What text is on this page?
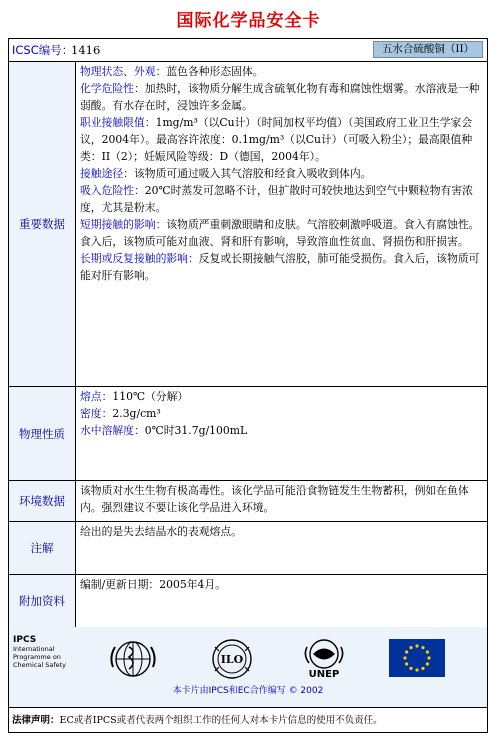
国际化学品安全卡
ICSC编号：
1416	五水合硫酸铜（II）
重要数据

物理状态、外观：蓝色各种形态固体。

化学危险性：加热时，该物质分解生成含硫氧化物有毒和腐蚀性烟雾。水溶液是一种弱酸。有水存在时，浸蚀许多金属。

职业接触限值：1mg/m³（以Cu计）（时间加权平均值）（美国政府工业卫生学家会议，2004年）。最高容许浓度：0.1mg/m³（以Cu计）（可吸入粉尘）；最高限值种类：II（2）；妊娠风险等级：D（德国，2004年）。

接触途径：该物质可通过吸入其气溶胶和经食入吸收到体内。

吸入危险性：20℃时蒸发可忽略不计，但扩散时可较快地达到空气中颗粒物有害浓度，尤其是粉末。

短期接触的影响：该物质严重刺激眼睛和皮肤。气溶胶刺激呼吸道。食入有腐蚀性。食入后，该物质可能对血液、肾和肝有影响，导致溶血性贫血、肾损伤和肝损害。

长期或反复接触的影响：反复或长期接触气溶胶，肺可能受损伤。食入后，该物质可能对肝有影响。

物理性质

熔点：110℃（分解）

密度：2.3g/cm³

水中溶解度：0℃时31.7g/100mL

环境数据

该物质对水生生物有极高毒性。该化学品可能沿食物链发生生物蓄积，例如在鱼体内。强烈建议不要让该化学品进入环境。

注解

给出的是失去结晶水的表观熔点。

附加资料

编制/更新日期：2005年4月。

IPCS
International
Programme on
Chemical Safety	ILO
UNEP
本卡片由IPCS和EC合作编写 © 2002
法律声明：EC或者IPCS或者代表两个组织工作的任何人对本卡片信息的使用不负责任。
